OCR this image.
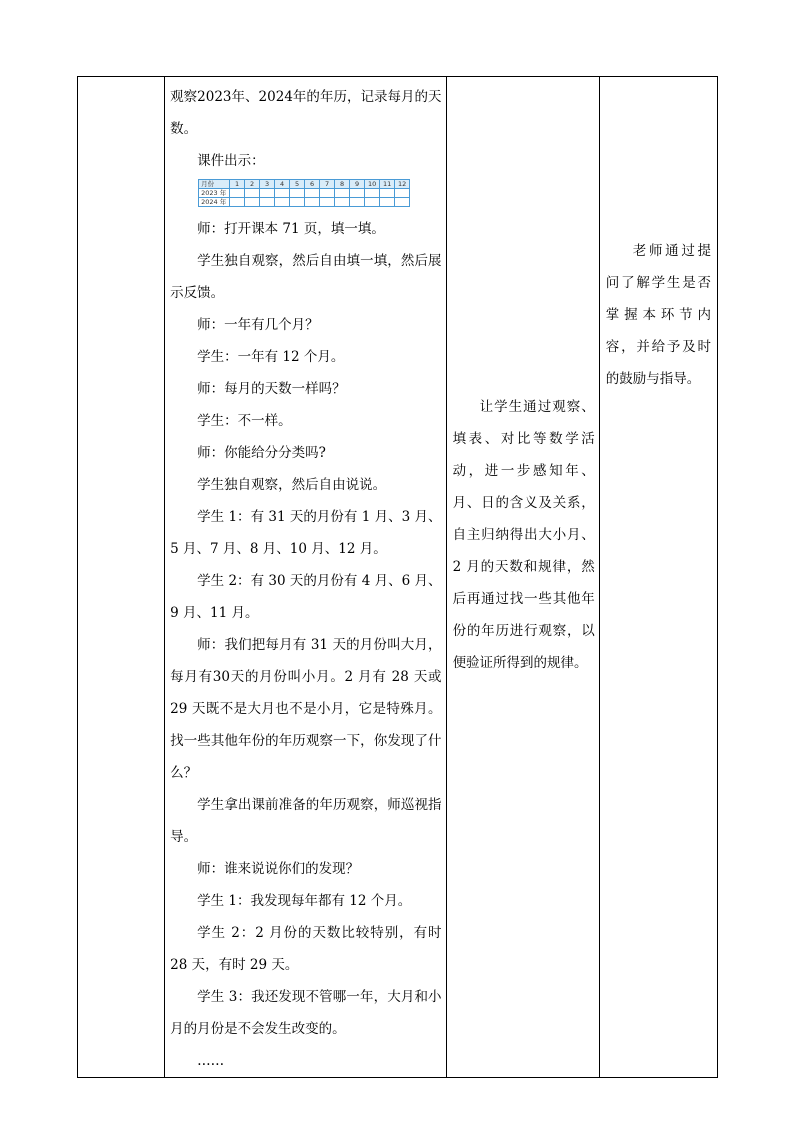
观察2023年、2024年的年历，记录每月的天数。

课件出示：

月份	1	2	3	4	5	6	7	8	9	10	11	12
2023 年												
2024 年												

师：打开课本 71 页，填一填。

学生独自观察，然后自由填一填，然后展示反馈。

师：一年有几个月？

学生：一年有 12 个月。

师：每月的天数一样吗？

学生：不一样。

师：你能给分分类吗?

学生独自观察，然后自由说说。

学生 1：有 31 天的月份有 1 月、3 月、5 月、7 月、8 月、10 月、12 月。

学生 2：有 30 天的月份有 4 月、6 月、9 月、11 月。

师：我们把每月有 31 天的月份叫大月，每月有30天的月份叫小月。2 月有 28 天或 29 天既不是大月也不是小月，它是特殊月。找一些其他年份的年历观察一下，你发现了什么？

学生拿出课前准备的年历观察，师巡视指导。

师：谁来说说你们的发现？

学生 1：我发现每年都有 12 个月。

学生 2：2 月份的天数比较特别，有时 28 天，有时 29 天。

学生 3：我还发现不管哪一年，大月和小月的月份是不会发生改变的。

……

让学生通过观察、填表、对比等数学活动，进一步感知年、月、日的含义及关系，自主归纳得出大小月、2 月的天数和规律，然后再通过找一些其他年份的年历进行观察，以便验证所得到的规律。

老师通过提问了解学生是否掌握本环节内容，并给予及时的鼓励与指导。
